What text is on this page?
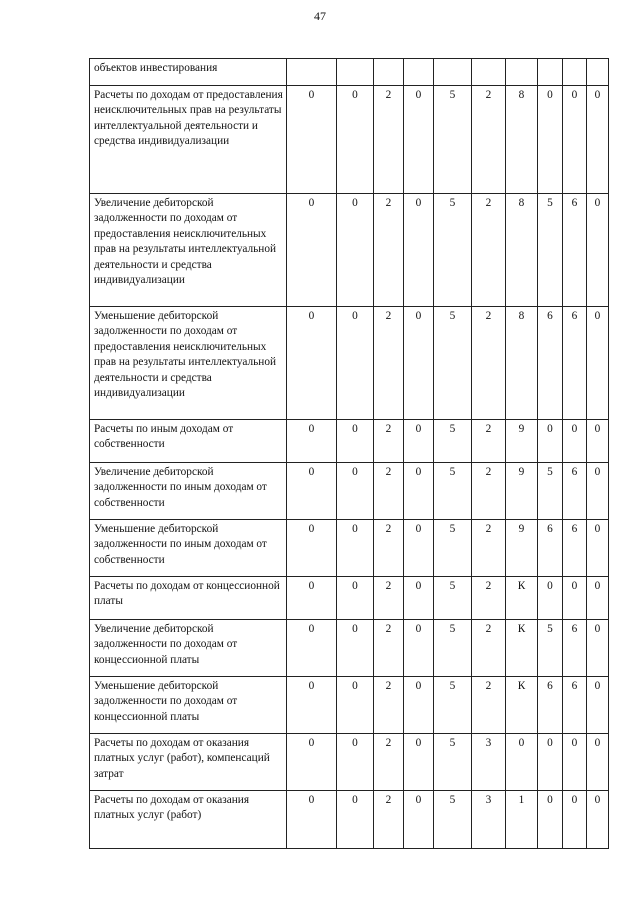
47
объектов инвестирования										
Расчеты по доходам от предоставления неисключительных прав на результаты интеллектуальной деятельности и средства индивидуализации	0	0	2	0	5	2	8	0	0	0
Увеличение дебиторской задолженности по доходам от предоставления неисключительных прав на результаты интеллектуальной деятельности и средства индивидуализации	0	0	2	0	5	2	8	5	6	0
Уменьшение дебиторской задолженности по доходам от предоставления неисключительных прав на результаты интеллектуальной деятельности и средства индивидуализации	0	0	2	0	5	2	8	6	6	0
Расчеты по иным доходам от собственности	0	0	2	0	5	2	9	0	0	0
Увеличение дебиторской задолженности по иным доходам от собственности	0	0	2	0	5	2	9	5	6	0
Уменьшение дебиторской задолженности по иным доходам от собственности	0	0	2	0	5	2	9	6	6	0
Расчеты по доходам от концессионной платы	0	0	2	0	5	2	К	0	0	0
Увеличение дебиторской задолженности по доходам от концессионной платы	0	0	2	0	5	2	К	5	6	0
Уменьшение дебиторской задолженности по доходам от концессионной платы	0	0	2	0	5	2	К	6	6	0
Расчеты по доходам от оказания платных услуг (работ), компенсаций затрат	0	0	2	0	5	3	0	0	0	0
Расчеты по доходам от оказания платных услуг (работ)	0	0	2	0	5	3	1	0	0	0
